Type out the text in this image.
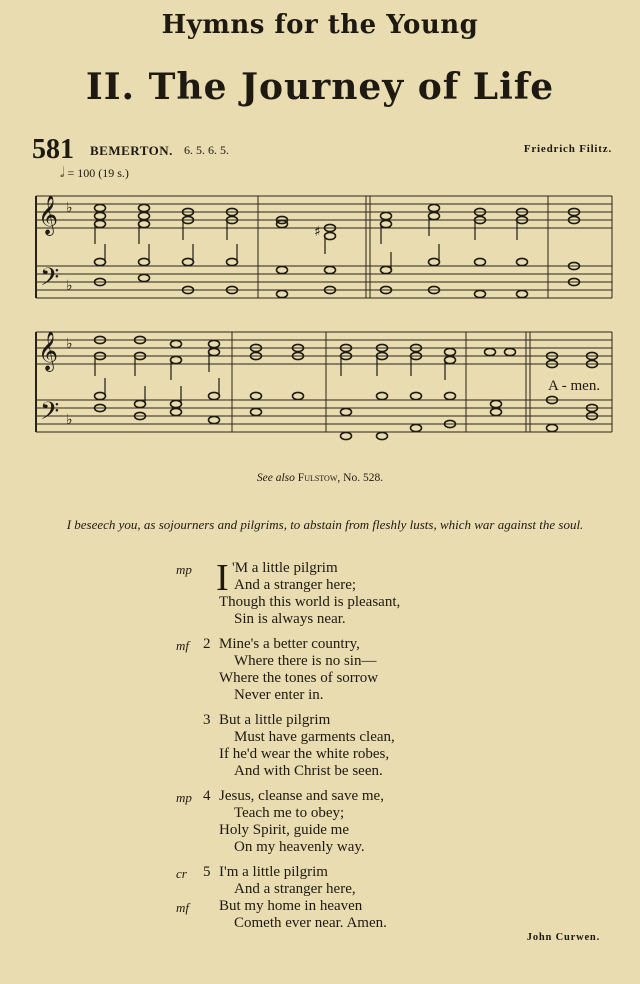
Hymns for the Young
II. The Journey of Life
581 BEMERTON. 6. 5. 6. 5.	Friedrich Filitz.
𝅗𝅥 = 100 (19 s.)
𝄞
𝄢
𝄞
𝄢
♭
♭
♭
♭
♯
A - men.
See also Fulstow, No. 528.
I beseech you, as sojourners and pilgrims, to abstain from fleshly lusts, which war against the soul.
I
mp	'M a little pilgrim
And a stranger here;
Though this world is pleasant,
Sin is always near.
mf 2 Mine's a better country,
Where there is no sin—
Where the tones of sorrow
Never enter in.
3 But a little pilgrim
Must have garments clean,
If he'd wear the white robes,
And with Christ be seen.
mp 4 Jesus, cleanse and save me,
Teach me to obey;
Holy Spirit, guide me
On my heavenly way.
cr 5 I'm a little pilgrim
And a stranger here,
mf But my home in heaven
Cometh ever near. Amen.
John Curwen.
